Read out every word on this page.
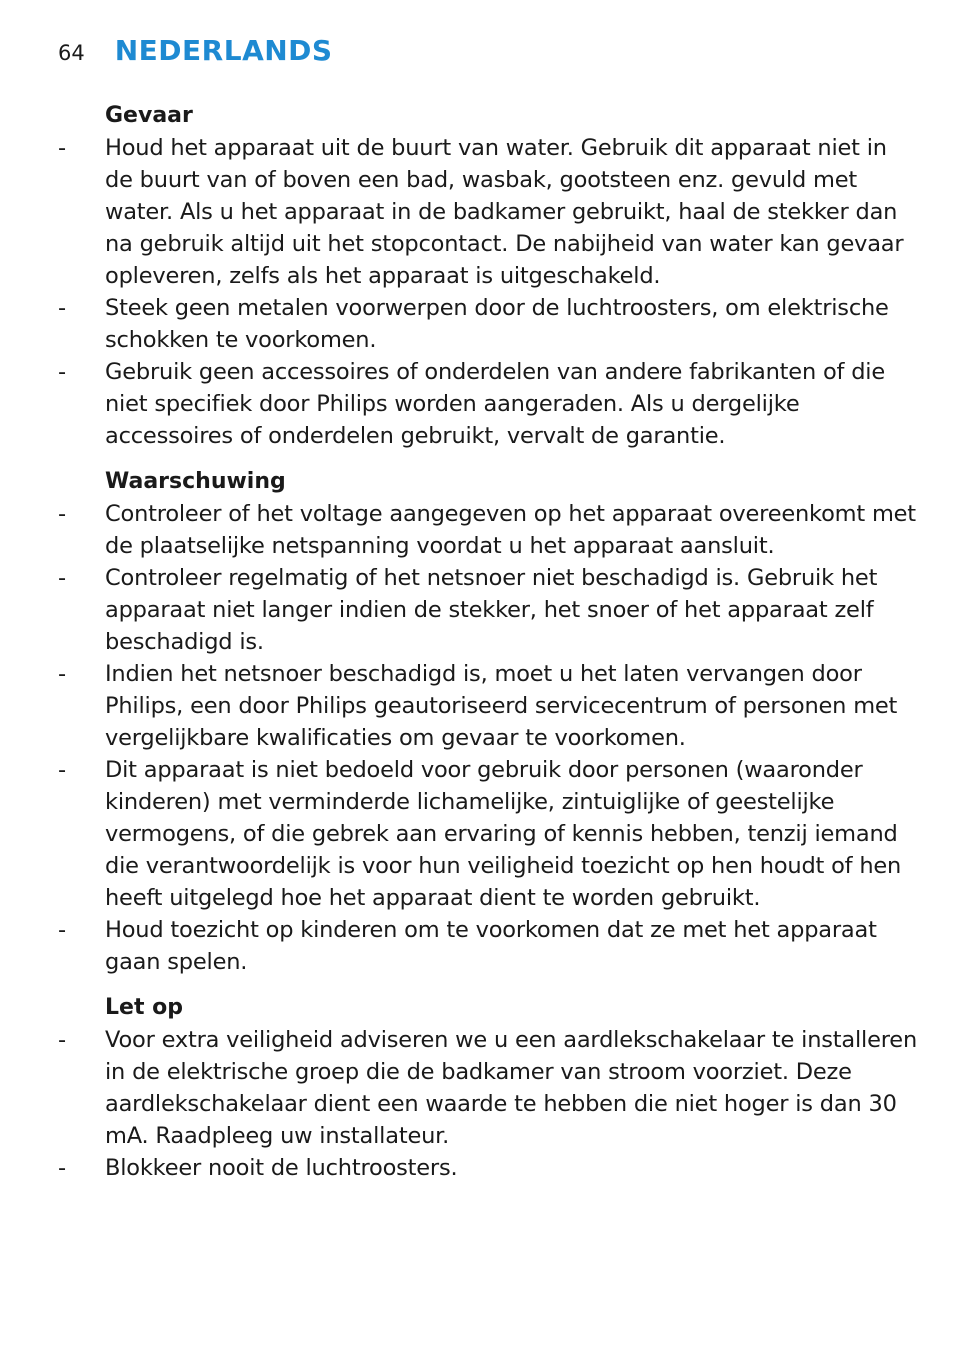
64 NEDERLANDS
Gevaar
-	Houd het apparaat uit de buurt van water. Gebruik dit apparaat niet in de buurt van of boven een bad, wasbak, gootsteen enz. gevuld met water. Als u het apparaat in de badkamer gebruikt, haal de stekker dan na gebruik altijd uit het stopcontact. De nabijheid van water kan gevaar opleveren, zelfs als het apparaat is uitgeschakeld.
-	Steek geen metalen voorwerpen door de luchtroosters, om elektrische schokken te voorkomen.
-	Gebruik geen accessoires of onderdelen van andere fabrikanten of die niet specifiek door Philips worden aangeraden. Als u dergelijke accessoires of onderdelen gebruikt, vervalt de garantie.
Waarschuwing
-	Controleer of het voltage aangegeven op het apparaat overeenkomt met de plaatselijke netspanning voordat u het apparaat aansluit.
-	Controleer regelmatig of het netsnoer niet beschadigd is. Gebruik het apparaat niet langer indien de stekker, het snoer of het apparaat zelf beschadigd is.
-	Indien het netsnoer beschadigd is, moet u het laten vervangen door Philips, een door Philips geautoriseerd servicecentrum of personen met vergelijkbare kwalificaties om gevaar te voorkomen.
-	Dit apparaat is niet bedoeld voor gebruik door personen (waaronder kinderen) met verminderde lichamelijke, zintuiglijke of geestelijke vermogens, of die gebrek aan ervaring of kennis hebben, tenzij iemand die verantwoordelijk is voor hun veiligheid toezicht op hen houdt of hen heeft uitgelegd hoe het apparaat dient te worden gebruikt.
-	Houd toezicht op kinderen om te voorkomen dat ze met het apparaat gaan spelen.
Let op
-	Voor extra veiligheid adviseren we u een aardlekschakelaar te installeren in de elektrische groep die de badkamer van stroom voorziet. Deze aardlekschakelaar dient een waarde te hebben die niet hoger is dan 30 mA. Raadpleeg uw installateur.
-	Blokkeer nooit de luchtroosters.
